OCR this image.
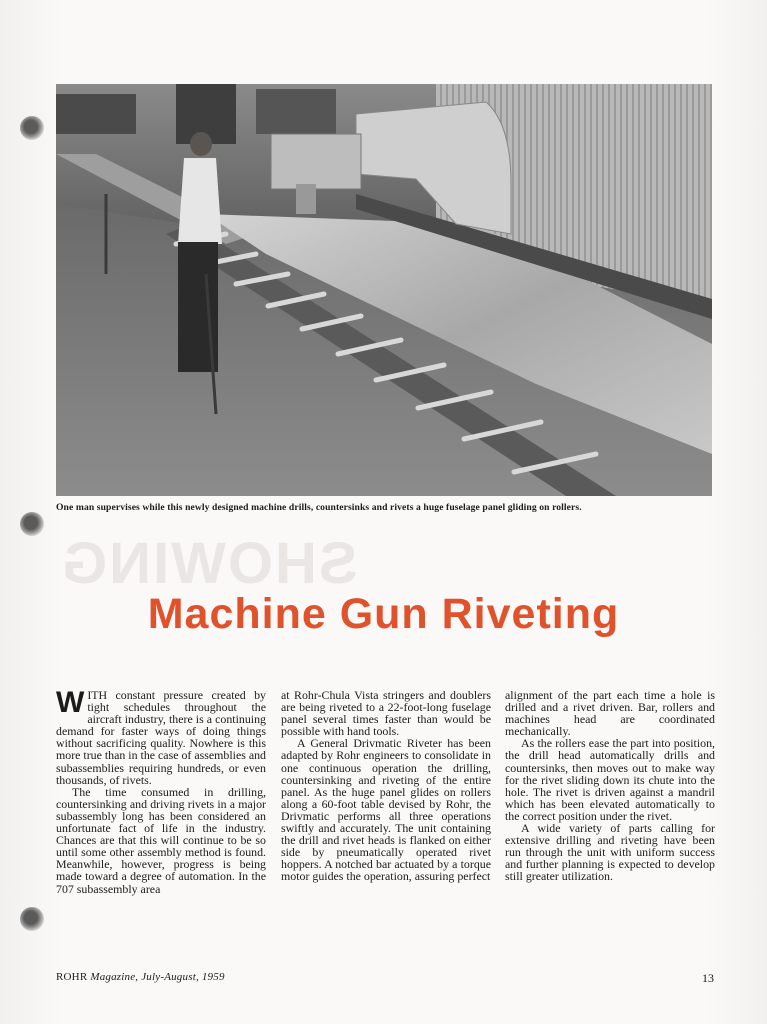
One man supervises while this newly designed machine drills, countersinks and rivets a huge fuselage panel gliding on rollers.
SHOWING
Machine Gun Riveting

WITH constant pressure created by tight schedules throughout the aircraft industry, there is a continuing demand for faster ways of doing things without sacrificing quality. Nowhere is this more true than in the case of assemblies and subassemblies requiring hundreds, or even thousands, of rivets.

The time consumed in drilling, countersinking and driving rivets in a major subassembly long has been considered an unfortunate fact of life in the industry. Chances are that this will continue to be so until some other assembly method is found. Meanwhile, however, progress is being made toward a degree of automation. In the 707 subassembly area

at Rohr-Chula Vista stringers and doublers are being riveted to a 22-foot-long fuselage panel several times faster than would be possible with hand tools.

A General Drivmatic Riveter has been adapted by Rohr engineers to consolidate in one continuous operation the drilling, countersinking and riveting of the entire panel. As the huge panel glides on rollers along a 60-foot table devised by Rohr, the Drivmatic performs all three operations swiftly and accurately. The unit containing the drill and rivet heads is flanked on either side by pneumatically operated rivet hoppers. A notched bar actuated by a torque motor guides the operation, assuring perfect

alignment of the part each time a hole is drilled and a rivet driven. Bar, rollers and machines head are coordinated mechanically.

As the rollers ease the part into position, the drill head automatically drills and countersinks, then moves out to make way for the rivet sliding down its chute into the hole. The rivet is driven against a mandril which has been elevated automatically to the correct position under the rivet.

A wide variety of parts calling for extensive drilling and riveting have been run through the unit with uniform success and further planning is expected to develop still greater utilization.

ROHR Magazine, July-August, 1959	13
